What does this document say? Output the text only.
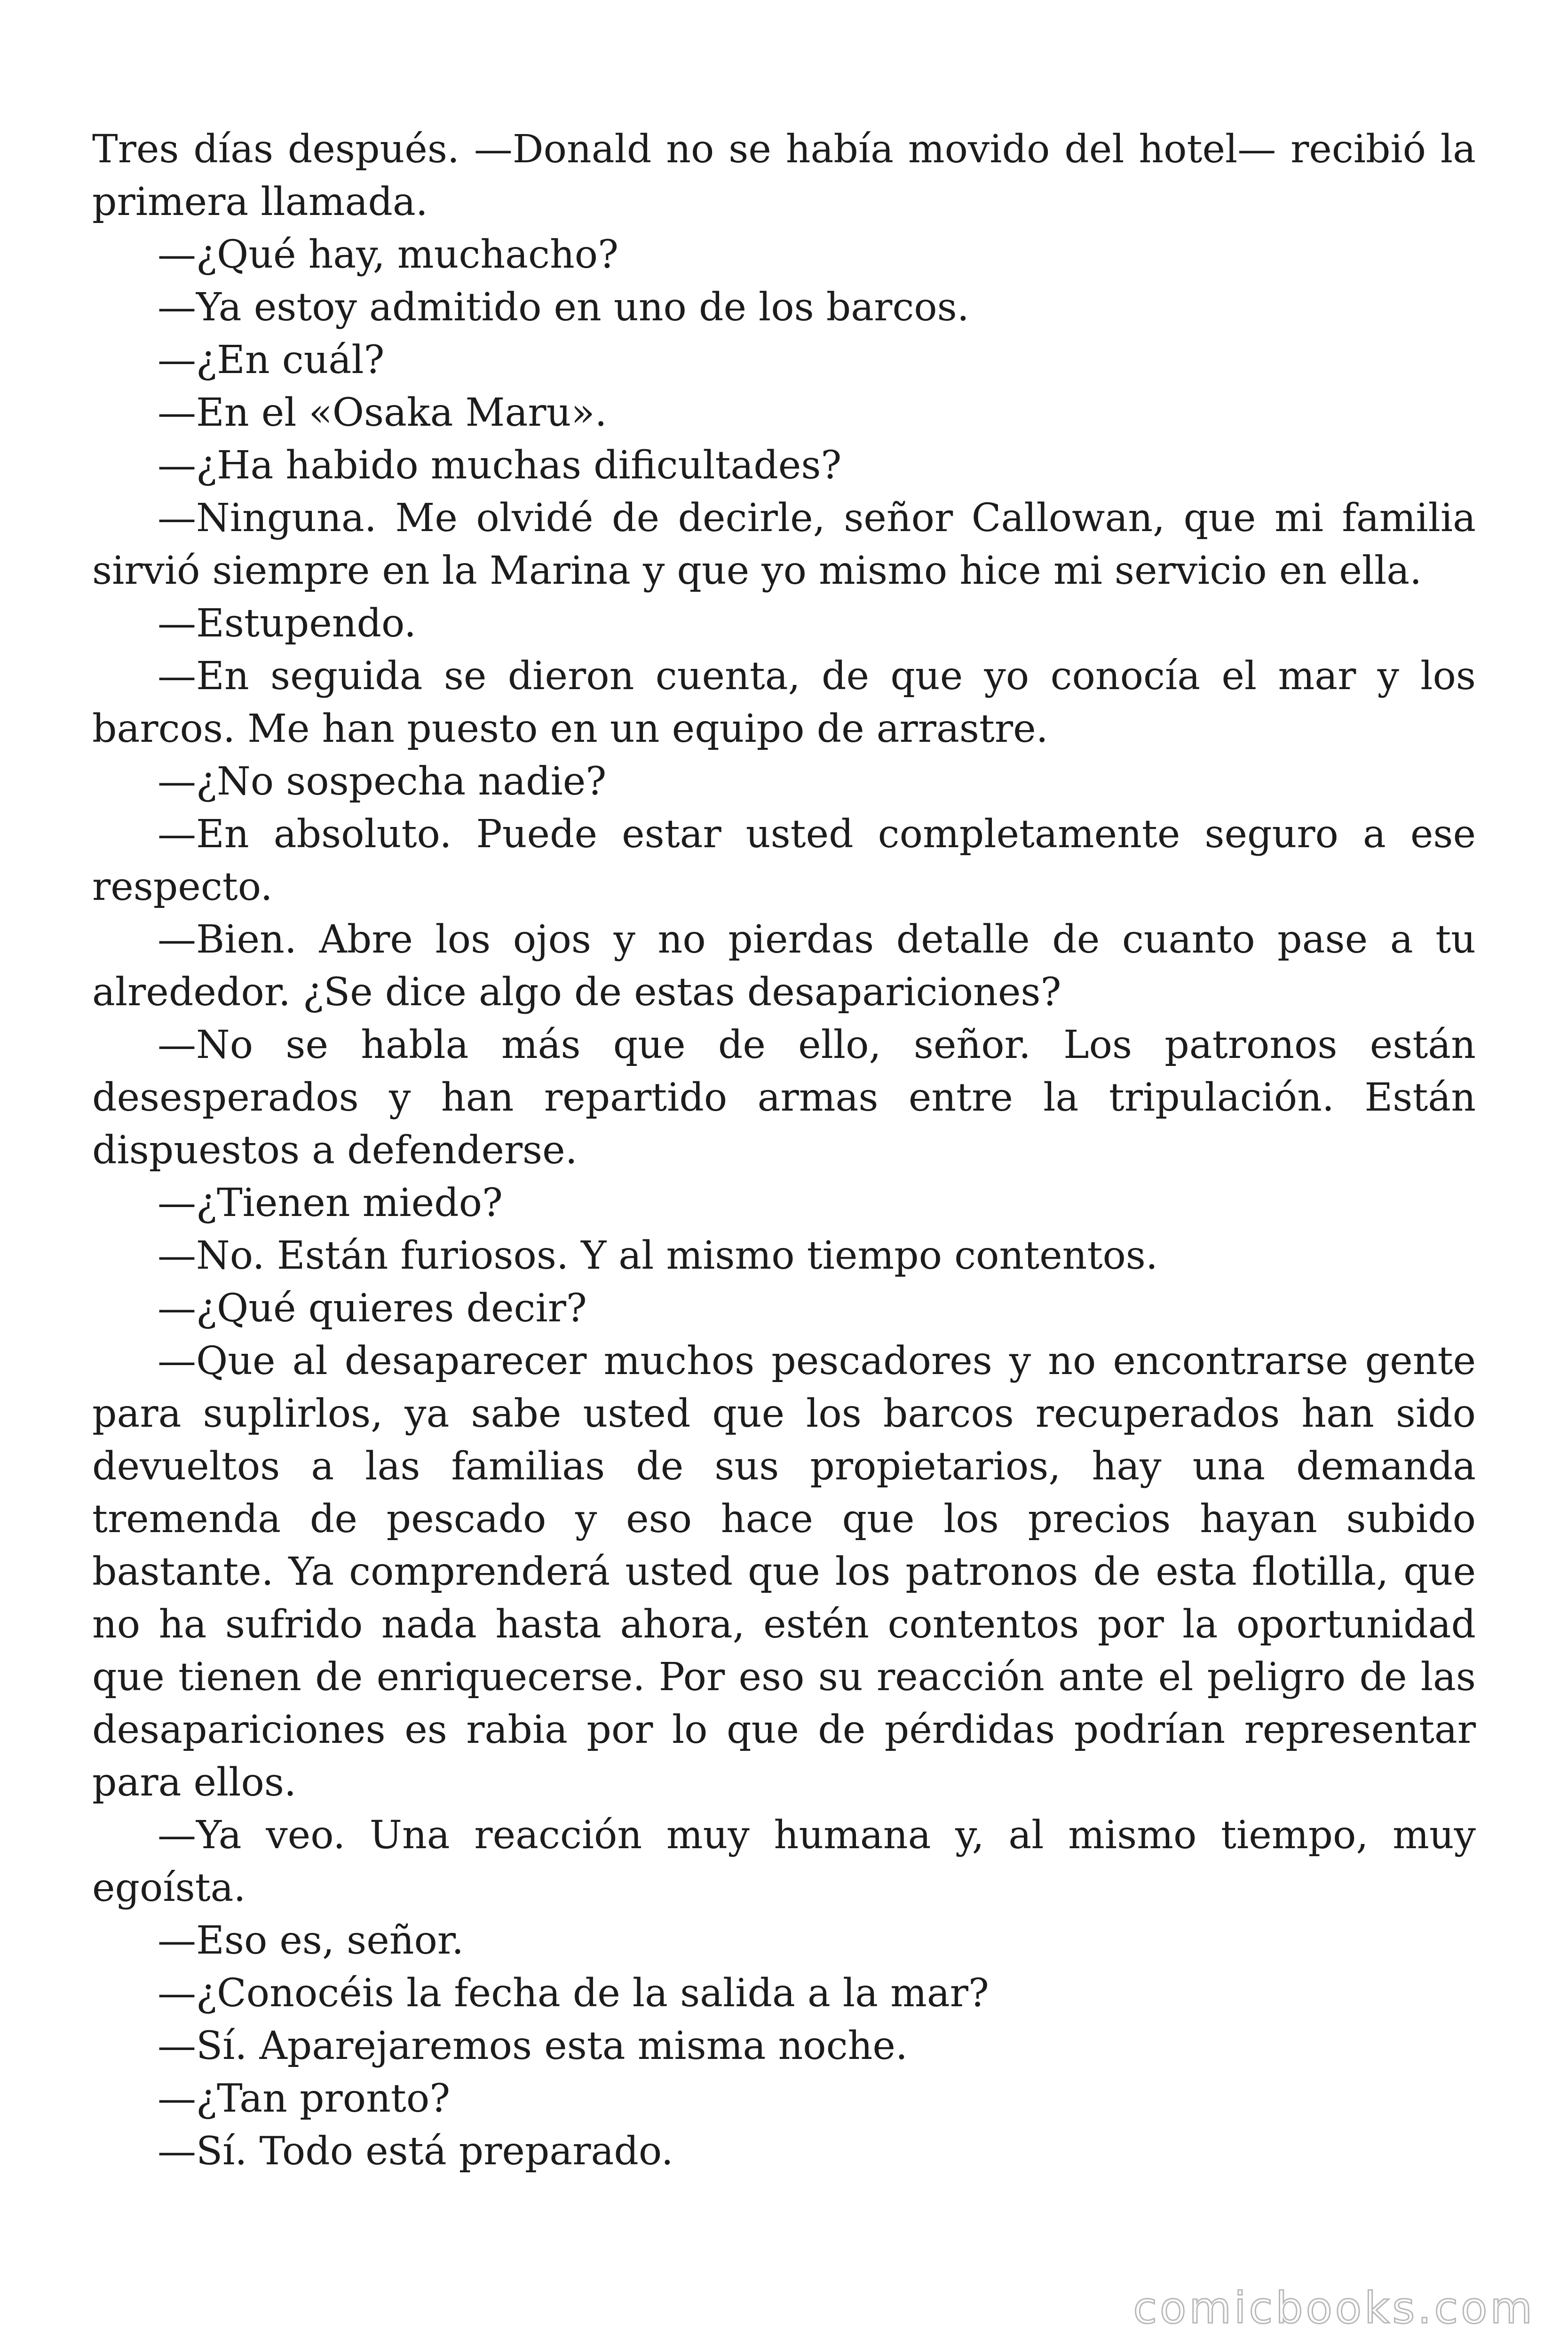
Tres días después. —Donald no se había movido del hotel— recibió la primera llamada.

—¿Qué hay, muchacho?

—Ya estoy admitido en uno de los barcos.

—¿En cuál?

—En el «Osaka Maru».

—¿Ha habido muchas dificultades?

—Ninguna. Me olvidé de decirle, señor Callowan, que mi familia sirvió siempre en la Marina y que yo mismo hice mi servicio en ella.

—Estupendo.

—En seguida se dieron cuenta, de que yo conocía el mar y los barcos. Me han puesto en un equipo de arrastre.

—¿No sospecha nadie?

—En absoluto. Puede estar usted completamente seguro a ese respecto.

—Bien. Abre los ojos y no pierdas detalle de cuanto pase a tu alrededor. ¿Se dice algo de estas desapariciones?

—No se habla más que de ello, señor. Los patronos están desesperados y han repartido armas entre la tripulación. Están dispuestos a defenderse.

—¿Tienen miedo?

—No. Están furiosos. Y al mismo tiempo contentos.

—¿Qué quieres decir?

—Que al desaparecer muchos pescadores y no encontrarse gente para suplirlos, ya sabe usted que los barcos recuperados han sido devueltos a las familias de sus propietarios, hay una demanda tremenda de pescado y eso hace que los precios hayan subido bastante. Ya comprenderá usted que los patronos de esta flotilla, que no ha sufrido nada hasta ahora, estén contentos por la oportunidad que tienen de enriquecerse. Por eso su reacción ante el peligro de las desapariciones es rabia por lo que de pérdidas podrían representar para ellos.

—Ya veo. Una reacción muy humana y, al mismo tiempo, muy egoísta.

—Eso es, señor.

—¿Conocéis la fecha de la salida a la mar?

—Sí. Aparejaremos esta misma noche.

—¿Tan pronto?

—Sí. Todo está preparado.

comicbooks.com
